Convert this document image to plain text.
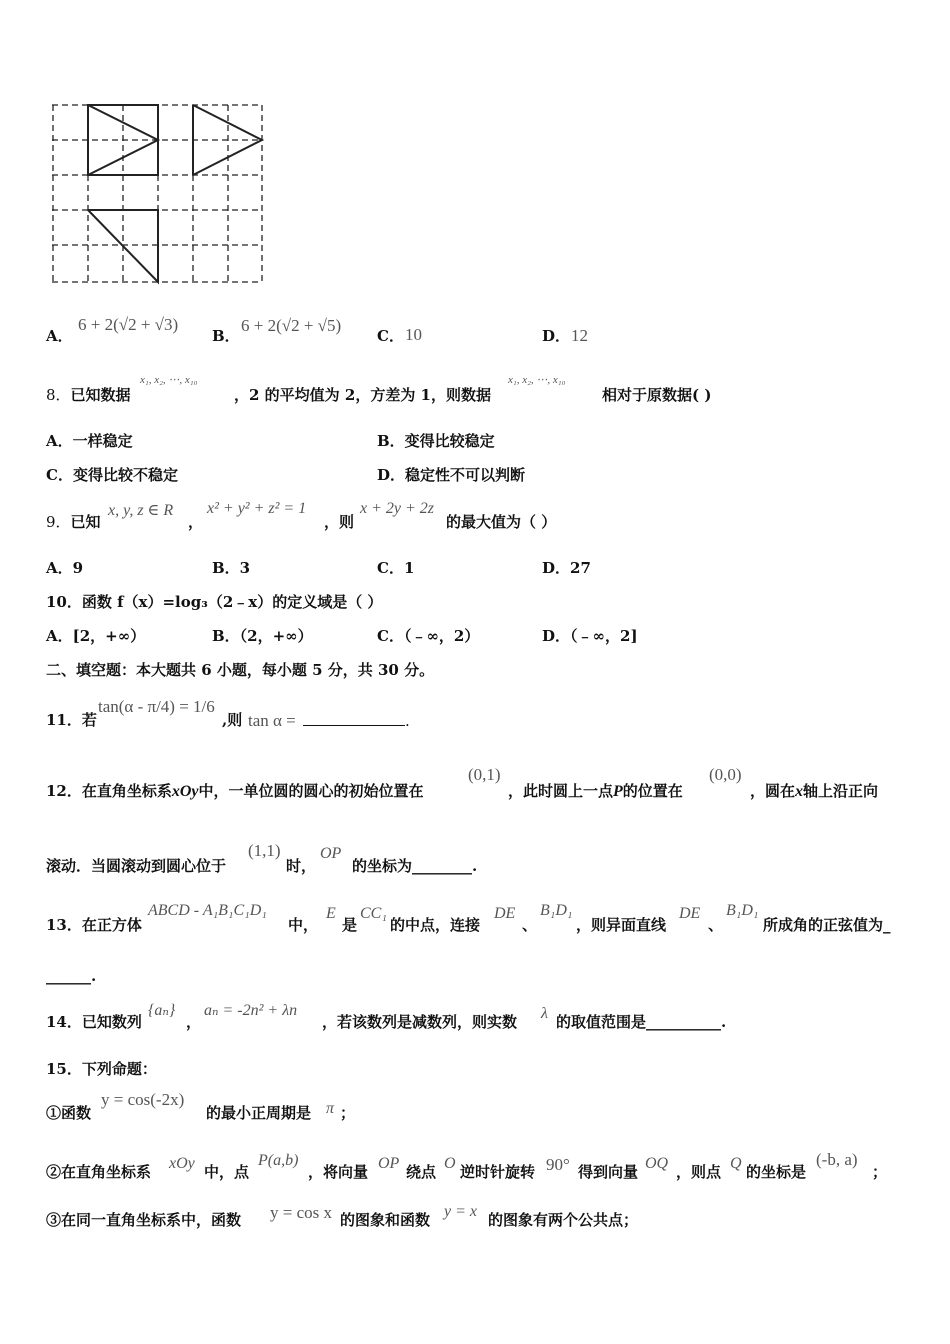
A．
6 + 2(√2 + √3)
B．
6 + 2(√2 + √5)
C． 10	D． 12
8．已知数据
x₁, x₂, ⋯, x₁₀
，2 的平均值为 2，方差为 1，则数据
x₁, x₂, ⋯, x₁₀
相对于原数据( )
A．一样稳定	B．变得比较稳定
C．变得比较不稳定	D．稳定性不可以判断
9．已知
x, y, z ∈ R
，
x² + y² + z² = 1
，则
x + 2y + 2z
的最大值为（ ）
A．9	B．3	C．1	D．27
10．函数 f（x）=log₃（2﹣x）的定义域是（ ）
A．[2，+∞）	B．（2，+∞）	C．（﹣∞，2）	D．（﹣∞，2]
二、填空题：本大题共 6 小题，每小题 5 分，共 30 分。
11．若
tan(α - π/4) = 1/6
,则 tan α =	.
12．在直角坐标系xOy中，一单位圆的圆心的初始位置在
(0,1)
，此时圆上一点P的位置在
(0,0)
，圆在x轴上沿正向
滚动．当圆滚动到圆心位于
(1,1)
时，
OP
的坐标为________.
13．在正方体
ABCD - A₁B₁C₁D₁
中，
E
是
CC₁
的中点，连接
DE
、
B₁D₁
，则异面直线
DE
、
B₁D₁
所成角的正弦值为_
______.
14．已知数列
{aₙ}
，
aₙ = -2n² + λn
，若该数列是减数列，则实数 λ 的取值范围是__________.
15．下列命题：
①函数
y = cos(-2x)
的最小正周期是 π ；
②在直角坐标系 xOy 中，点
P(a,b)
，将向量 OP 绕点 O 逆时针旋转 90° 得到向量 OQ ，则点 Q 的坐标是
(-b, a)
；
③在同一直角坐标系中，函数 y = cos x 的图象和函数 y = x 的图象有两个公共点；
